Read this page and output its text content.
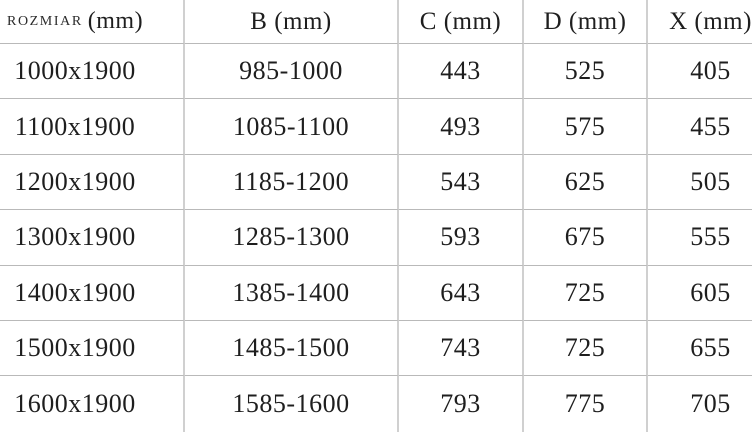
ROZMIAR (mm)	B (mm)	C (mm)	D (mm)	X (mm)
1000x1900	985-1000	443	525	405
1100x1900	1085-1100	493	575	455
1200x1900	1185-1200	543	625	505
1300x1900	1285-1300	593	675	555
1400x1900	1385-1400	643	725	605
1500x1900	1485-1500	743	725	655
1600x1900	1585-1600	793	775	705
